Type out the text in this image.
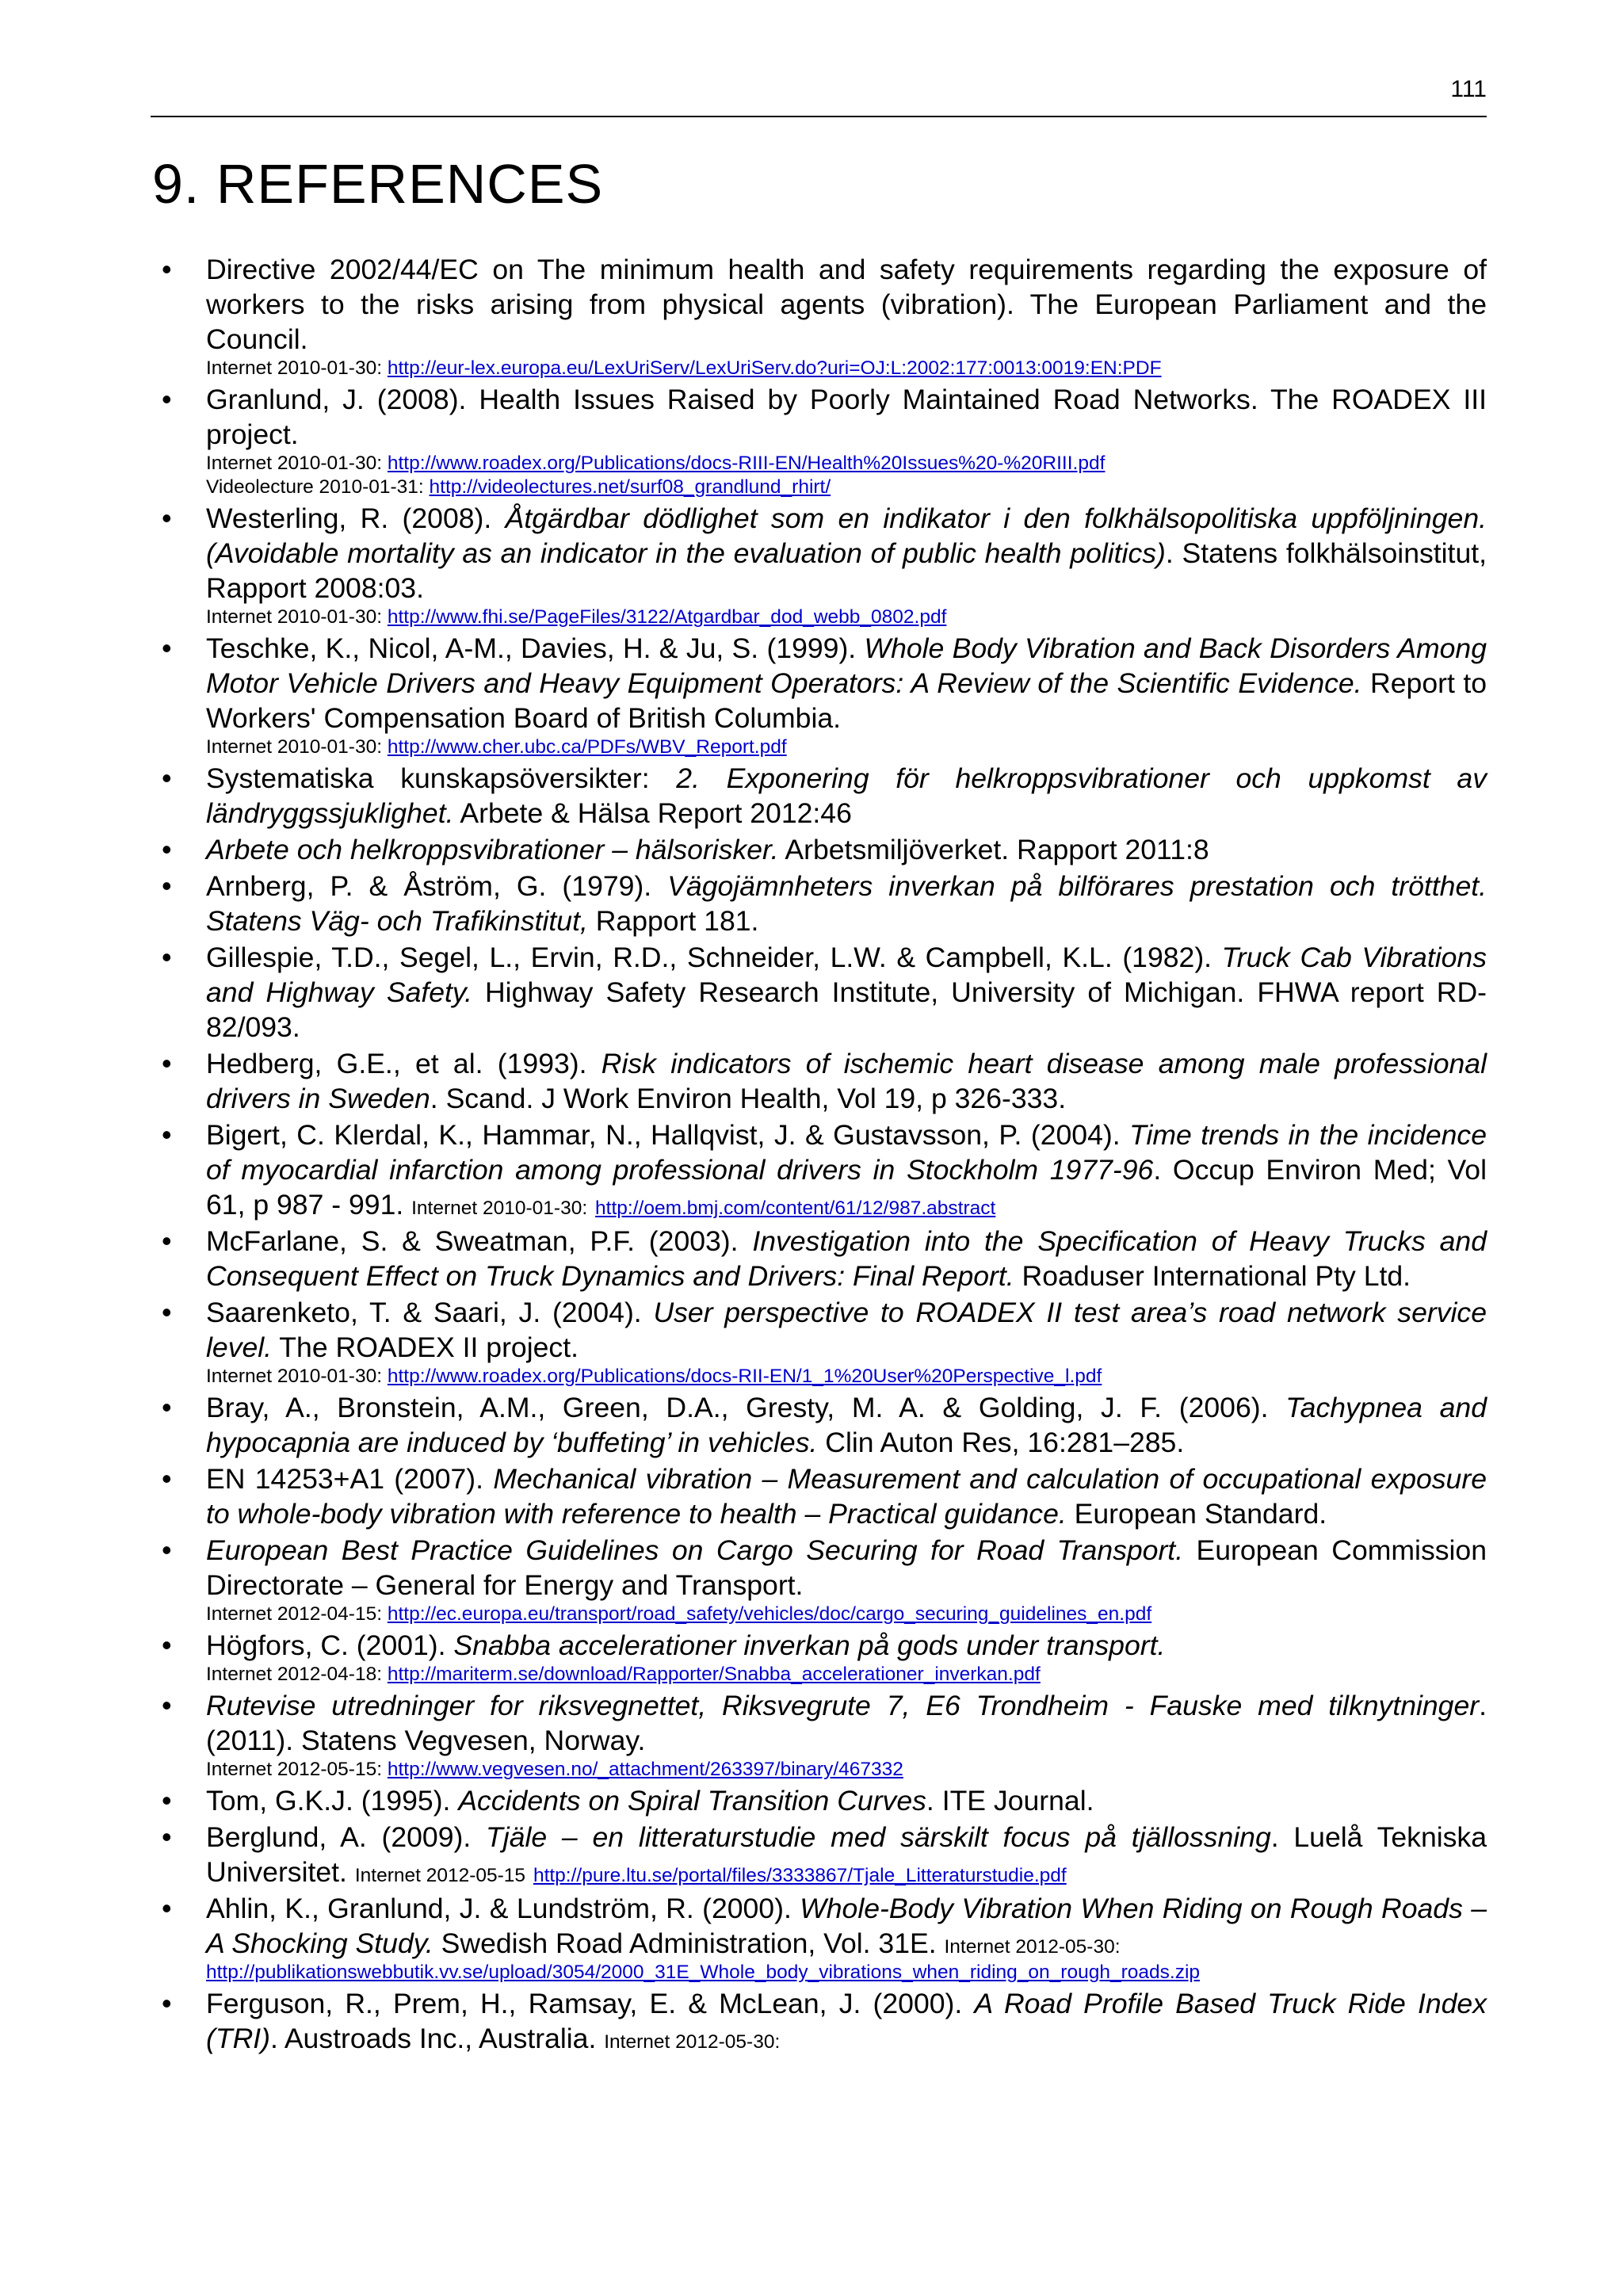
111
9. REFERENCES
• Directive 2002/44/EC on The minimum health and safety requirements regarding the exposure of workers to the risks arising from physical agents (vibration). The European Parliament and the Council.
Internet 2010-01-30: http://eur-lex.europa.eu/LexUriServ/LexUriServ.do?uri=OJ:L:2002:177:0013:0019:EN:PDF
• Granlund, J. (2008). Health Issues Raised by Poorly Maintained Road Networks. The ROADEX III project.
Internet 2010-01-30: http://www.roadex.org/Publications/docs-RIII-EN/Health%20Issues%20-%20RIII.pdf
Videolecture 2010-01-31: http://videolectures.net/surf08_grandlund_rhirt/
• Westerling, R. (2008). Åtgärdbar dödlighet som en indikator i den folkhälsopolitiska uppföljningen. (Avoidable mortality as an indicator in the evaluation of public health politics). Statens folkhälsoinstitut, Rapport 2008:03.
Internet 2010-01-30: http://www.fhi.se/PageFiles/3122/Atgardbar_dod_webb_0802.pdf
• Teschke, K., Nicol, A-M., Davies, H. & Ju, S. (1999). Whole Body Vibration and Back Disorders Among Motor Vehicle Drivers and Heavy Equipment Operators: A Review of the Scientific Evidence. Report to Workers' Compensation Board of British Columbia.
Internet 2010-01-30: http://www.cher.ubc.ca/PDFs/WBV_Report.pdf
• Systematiska kunskapsöversikter: 2. Exponering för helkroppsvibrationer och uppkomst av ländryggssjuklighet. Arbete & Hälsa Report 2012:46
• Arbete och helkroppsvibrationer – hälsorisker. Arbetsmiljöverket. Rapport 2011:8
• Arnberg, P. & Åström, G. (1979). Vägojämnheters inverkan på bilförares prestation och trötthet. Statens Väg- och Trafikinstitut, Rapport 181.
• Gillespie, T.D., Segel, L., Ervin, R.D., Schneider, L.W. & Campbell, K.L. (1982). Truck Cab Vibrations and Highway Safety. Highway Safety Research Institute, University of Michigan. FHWA report RD-82/093.
• Hedberg, G.E., et al. (1993). Risk indicators of ischemic heart disease among male professional drivers in Sweden. Scand. J Work Environ Health, Vol 19, p 326-333.
• Bigert, C. Klerdal, K., Hammar, N., Hallqvist, J. & Gustavsson, P. (2004). Time trends in the incidence of myocardial infarction among professional drivers in Stockholm 1977-96. Occup Environ Med; Vol 61, p 987 - 991. Internet 2010-01-30: http://oem.bmj.com/content/61/12/987.abstract
• McFarlane, S. & Sweatman, P.F. (2003). Investigation into the Specification of Heavy Trucks and Consequent Effect on Truck Dynamics and Drivers: Final Report. Roaduser International Pty Ltd.
• Saarenketo, T. & Saari, J. (2004). User perspective to ROADEX II test area’s road network service level. The ROADEX II project.
Internet 2010-01-30: http://www.roadex.org/Publications/docs-RII-EN/1_1%20User%20Perspective_l.pdf
• Bray, A., Bronstein, A.M., Green, D.A., Gresty, M. A. & Golding, J. F. (2006). Tachypnea and hypocapnia are induced by ‘buffeting’ in vehicles. Clin Auton Res, 16:281–285.
• EN 14253+A1 (2007). Mechanical vibration – Measurement and calculation of occupational exposure to whole-body vibration with reference to health – Practical guidance. European Standard.
• European Best Practice Guidelines on Cargo Securing for Road Transport. European Commission Directorate – General for Energy and Transport.
Internet 2012-04-15: http://ec.europa.eu/transport/road_safety/vehicles/doc/cargo_securing_guidelines_en.pdf
• Högfors, C. (2001). Snabba accelerationer inverkan på gods under transport.
Internet 2012-04-18: http://mariterm.se/download/Rapporter/Snabba_accelerationer_inverkan.pdf
• Rutevise utredninger for riksvegnettet, Riksvegrute 7, E6 Trondheim - Fauske med tilknytninger. (2011). Statens Vegvesen, Norway.
Internet 2012-05-15: http://www.vegvesen.no/_attachment/263397/binary/467332
• Tom, G.K.J. (1995). Accidents on Spiral Transition Curves. ITE Journal.
• Berglund, A. (2009). Tjäle – en litteraturstudie med särskilt focus på tjällossning. Luelå Tekniska Universitet. Internet 2012-05-15 http://pure.ltu.se/portal/files/3333867/Tjale_Litteraturstudie.pdf
• Ahlin, K., Granlund, J. & Lundström, R. (2000). Whole-Body Vibration When Riding on Rough Roads – A Shocking Study. Swedish Road Administration, Vol. 31E. Internet 2012-05-30:
http://publikationswebbutik.vv.se/upload/3054/2000_31E_Whole_body_vibrations_when_riding_on_rough_roads.zip
• Ferguson, R., Prem, H., Ramsay, E. & McLean, J. (2000). A Road Profile Based Truck Ride Index (TRI). Austroads Inc., Australia. Internet 2012-05-30:
